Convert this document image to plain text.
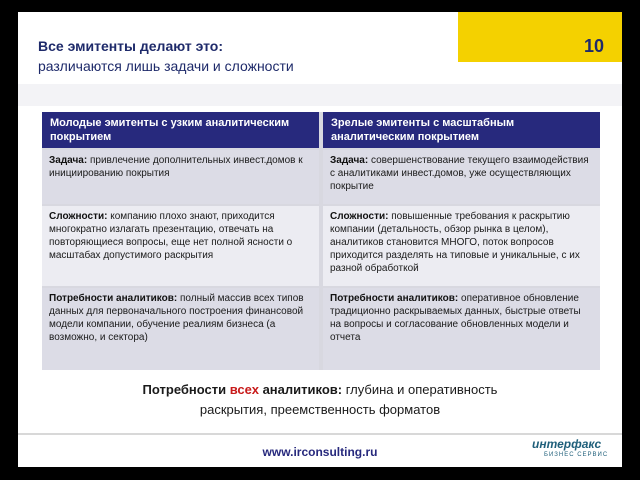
Все эмитенты делают это:
различаются лишь задачи и сложности
10
Молодые эмитенты с узким аналитическим покрытием
Зрелые эмитенты с масштабным аналитическим покрытием
Задача: привлечение дополнительных инвест.домов к инициированию покрытия
Задача: совершенствование текущего взаимодействия с аналитиками инвест.домов, уже осуществляющих покрытие
Сложности: компанию плохо знают, приходится многократно излагать презентацию, отвечать на повторяющиеся вопросы, еще нет полной ясности о масштабах допустимого раскрытия
Сложности: повышенные требования к раскрытию компании (детальность, обзор рынка в целом), аналитиков становится МНОГО, поток вопросов приходится разделять на типовые и уникальные, с их разной обработкой
Потребности аналитиков: полный массив всех типов данных для первоначального построения финансовой модели компании, обучение реалиям бизнеса (а возможно, и сектора)
Потребности аналитиков: оперативное обновление традиционно раскрываемых данных, быстрые ответы на вопросы и согласование обновленных модели и отчета
Потребности всех аналитиков: глубина и оперативность
раскрытия, преемственность форматов
www.irconsulting.ru
интерфакс
БИЗНЕС СЕРВИС
